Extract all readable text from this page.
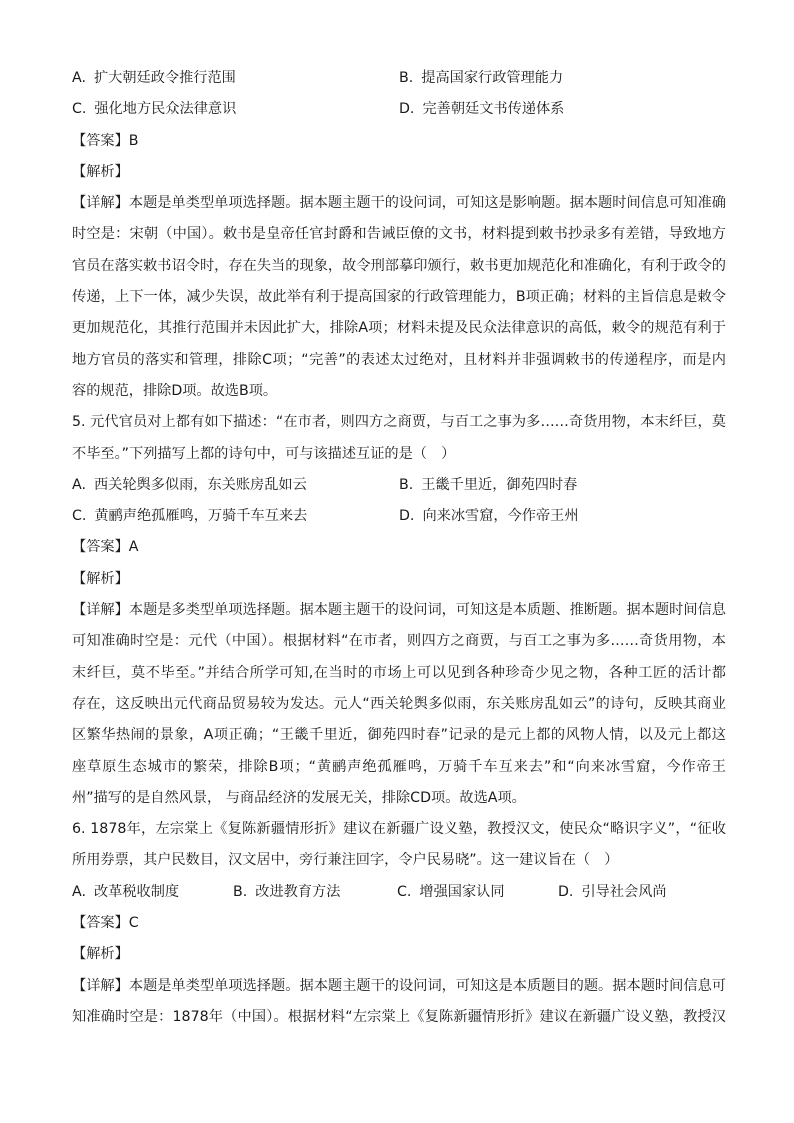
A. 扩大朝廷政令推行范围	B. 提高国家行政管理能力
C. 强化地方民众法律意识	D. 完善朝廷文书传递体系
【答案】B
【解析】
【详解】本题是单类型单项选择题。据本题主题干的设问词，可知这是影响题。据本题时间信息可知准确
时空是：宋朝（中国）。敕书是皇帝任官封爵和告诫臣僚的文书，材料提到敕书抄录多有差错，导致地方
官员在落实敕书诏令时，存在失当的现象，故令刑部摹印颁行，敕书更加规范化和准确化，有利于政令的
传递，上下一体，减少失误，故此举有利于提高国家的行政管理能力，B项正确；材料的主旨信息是敕令
更加规范化，其推行范围并未因此扩大，排除A项；材料未提及民众法律意识的高低，敕令的规范有利于
地方官员的落实和管理，排除C项；“完善”的表述太过绝对，且材料并非强调敕书的传递程序，而是内
容的规范，排除D项。故选B项。
5. 元代官员对上都有如下描述：“在市者，则四方之商贾，与百工之事为多……奇货用物，本末纤巨，莫
不毕至。”下列描写上都的诗句中，可与该描述互证的是（　）
A. 西关轮舆多似雨，东关账房乱如云	B. 王畿千里近，御苑四时春
C. 黄鹂声绝孤雁鸣，万骑千车互来去	D. 向来冰雪窟，今作帝王州
【答案】A
【解析】
【详解】本题是多类型单项选择题。据本题主题干的设问词，可知这是本质题、推断题。据本题时间信息
可知准确时空是：元代（中国）。根据材料“在市者，则四方之商贾，与百工之事为多……奇货用物，本
末纤巨，莫不毕至。”并结合所学可知,在当时的市场上可以见到各种珍奇少见之物，各种工匠的活计都
存在，这反映出元代商品贸易较为发达。元人“西关轮舆多似雨，东关账房乱如云”的诗句，反映其商业
区繁华热闹的景象，A项正确；“王畿千里近，御苑四时春”记录的是元上都的风物人情，以及元上都这
座草原生态城市的繁荣，排除B项；“黄鹂声绝孤雁鸣，万骑千车互来去”和“向来冰雪窟，今作帝王
州”描写的是自然风景， 与商品经济的发展无关，排除CD项。故选A项。
6. 1878年，左宗棠上《复陈新疆情形折》建议在新疆广设义塾，教授汉文，使民众“略识字义”，“征收
所用券票，其户民数目，汉文居中，旁行兼注回字，令户民易晓”。这一建议旨在（　）
A. 改革税收制度	B. 改进教育方法	C. 增强国家认同	D. 引导社会风尚
【答案】C
【解析】
【详解】本题是单类型单项选择题。据本题主题干的设问词，可知这是本质题目的题。据本题时间信息可
知准确时空是：1878年（中国）。根据材料“左宗棠上《复陈新疆情形折》建议在新疆广设义塾，教授汉
